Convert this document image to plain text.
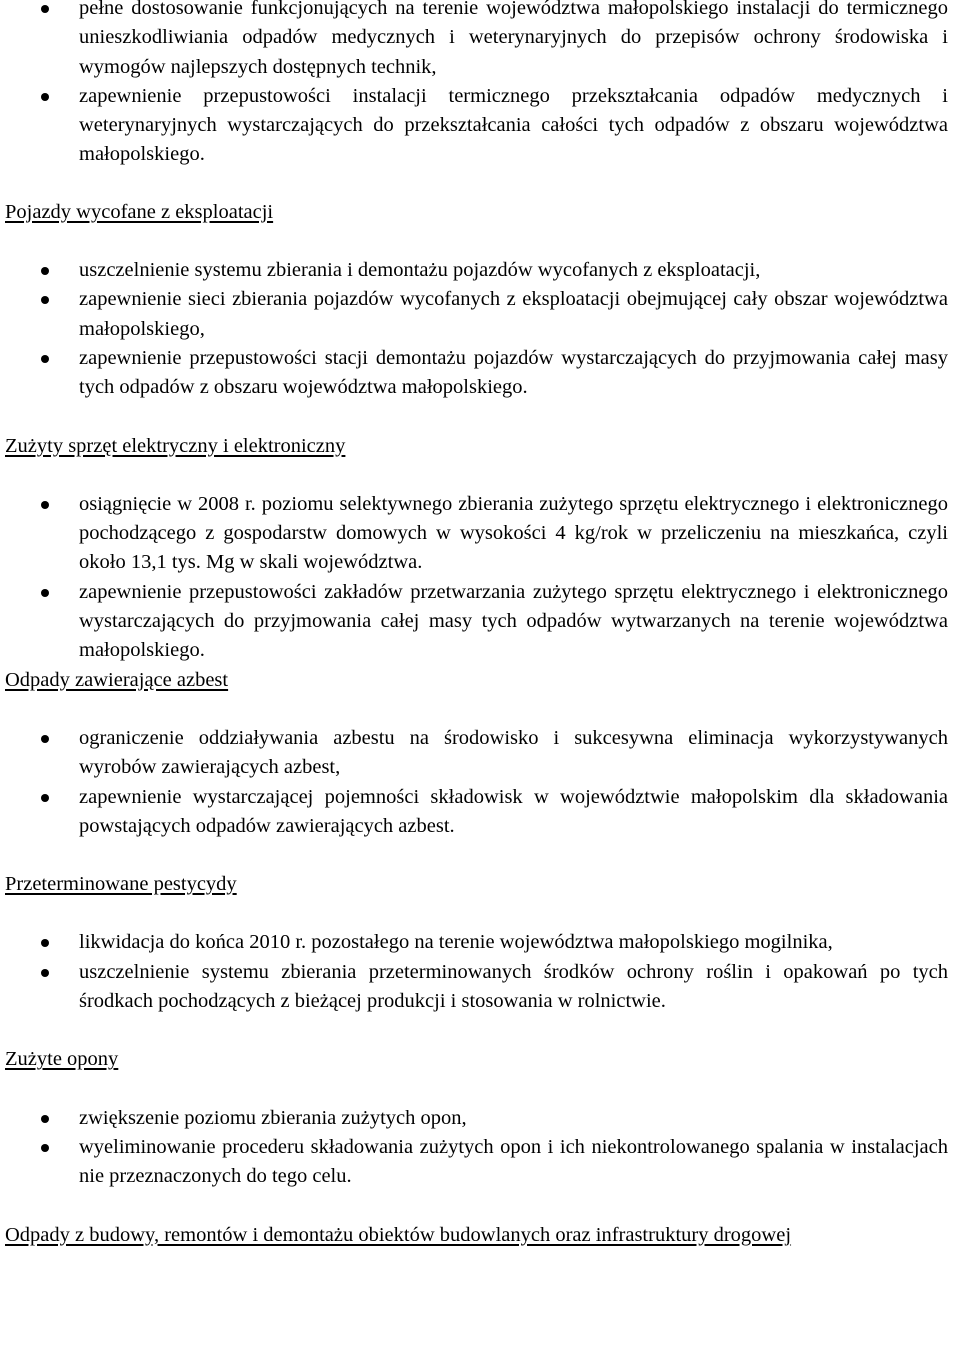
pełne dostosowanie funkcjonujących na terenie województwa małopolskiego instalacji do termicznego unieszkodliwiania odpadów medycznych i weterynaryjnych do przepisów ochrony środowiska i wymogów najlepszych dostępnych technik,
zapewnienie przepustowości instalacji termicznego przekształcania odpadów medycznych i weterynaryjnych wystarczających do przekształcania całości tych odpadów z obszaru województwa małopolskiego.

Pojazdy wycofane z eksploatacji

uszczelnienie systemu zbierania i demontażu pojazdów wycofanych z eksploatacji,
zapewnienie sieci zbierania pojazdów wycofanych z eksploatacji obejmującej cały obszar województwa małopolskiego,
zapewnienie przepustowości stacji demontażu pojazdów wystarczających do przyjmowania całej masy tych odpadów z obszaru województwa małopolskiego.

Zużyty sprzęt elektryczny i elektroniczny

osiągnięcie w 2008 r. poziomu selektywnego zbierania zużytego sprzętu elektrycznego i elektronicznego pochodzącego z gospodarstw domowych w wysokości 4 kg/rok w przeliczeniu na mieszkańca, czyli około 13,1 tys. Mg w skali województwa.
zapewnienie przepustowości zakładów przetwarzania zużytego sprzętu elektrycznego i elektronicznego wystarczających do przyjmowania całej masy tych odpadów wytwarzanych na terenie województwa małopolskiego.

Odpady zawierające azbest

ograniczenie oddziaływania azbestu na środowisko i sukcesywna eliminacja wykorzystywanych wyrobów zawierających azbest,
zapewnienie wystarczającej pojemności składowisk w województwie małopolskim dla składowania powstających odpadów zawierających azbest.

Przeterminowane pestycydy

likwidacja do końca 2010 r. pozostałego na terenie województwa małopolskiego mogilnika,
uszczelnienie systemu zbierania przeterminowanych środków ochrony roślin i opakowań po tych środkach pochodzących z bieżącej produkcji i stosowania w rolnictwie.

Zużyte opony

zwiększenie poziomu zbierania zużytych opon,
wyeliminowanie procederu składowania zużytych opon i ich niekontrolowanego spalania w instalacjach nie przeznaczonych do tego celu.

Odpady z budowy, remontów i demontażu obiektów budowlanych oraz infrastruktury drogowej
